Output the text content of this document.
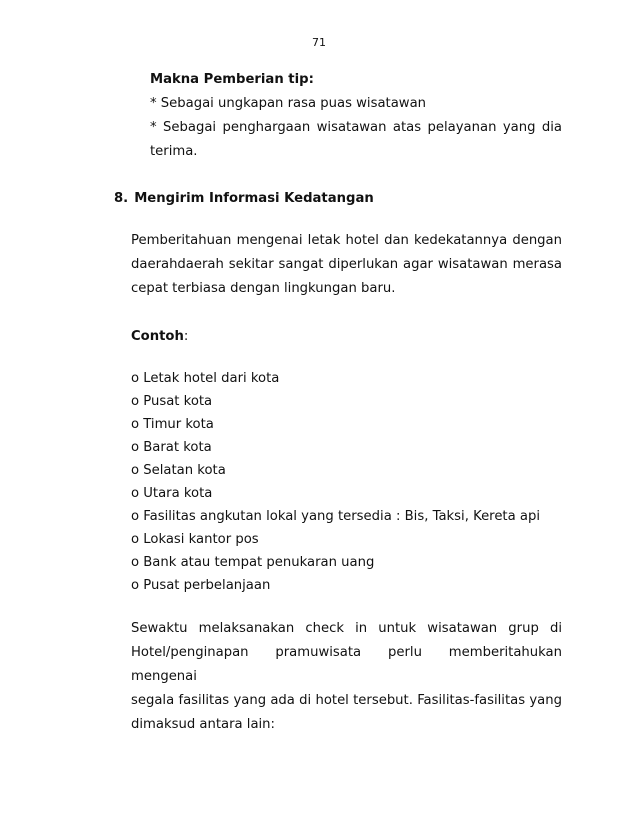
71
Makna Pemberian tip:
* Sebagai ungkapan rasa puas wisatawan
* Sebagai penghargaan wisatawan atas pelayanan yang dia
terima.
8. Mengirim Informasi Kedatangan
Pemberitahuan mengenai letak hotel dan kedekatannya dengan
daerahdaerah sekitar sangat diperlukan agar wisatawan merasa
cepat terbiasa dengan lingkungan baru.
Contoh:
o Letak hotel dari kota
o Pusat kota
o Timur kota
o Barat kota
o Selatan kota
o Utara kota
o Fasilitas angkutan lokal yang tersedia : Bis, Taksi, Kereta api
o Lokasi kantor pos
o Bank atau tempat penukaran uang
o Pusat perbelanjaan
Sewaktu melaksanakan check in untuk wisatawan grup di
Hotel/penginapan pramuwisata perlu memberitahukan mengenai
segala fasilitas yang ada di hotel tersebut. Fasilitas-fasilitas yang
dimaksud antara lain:
